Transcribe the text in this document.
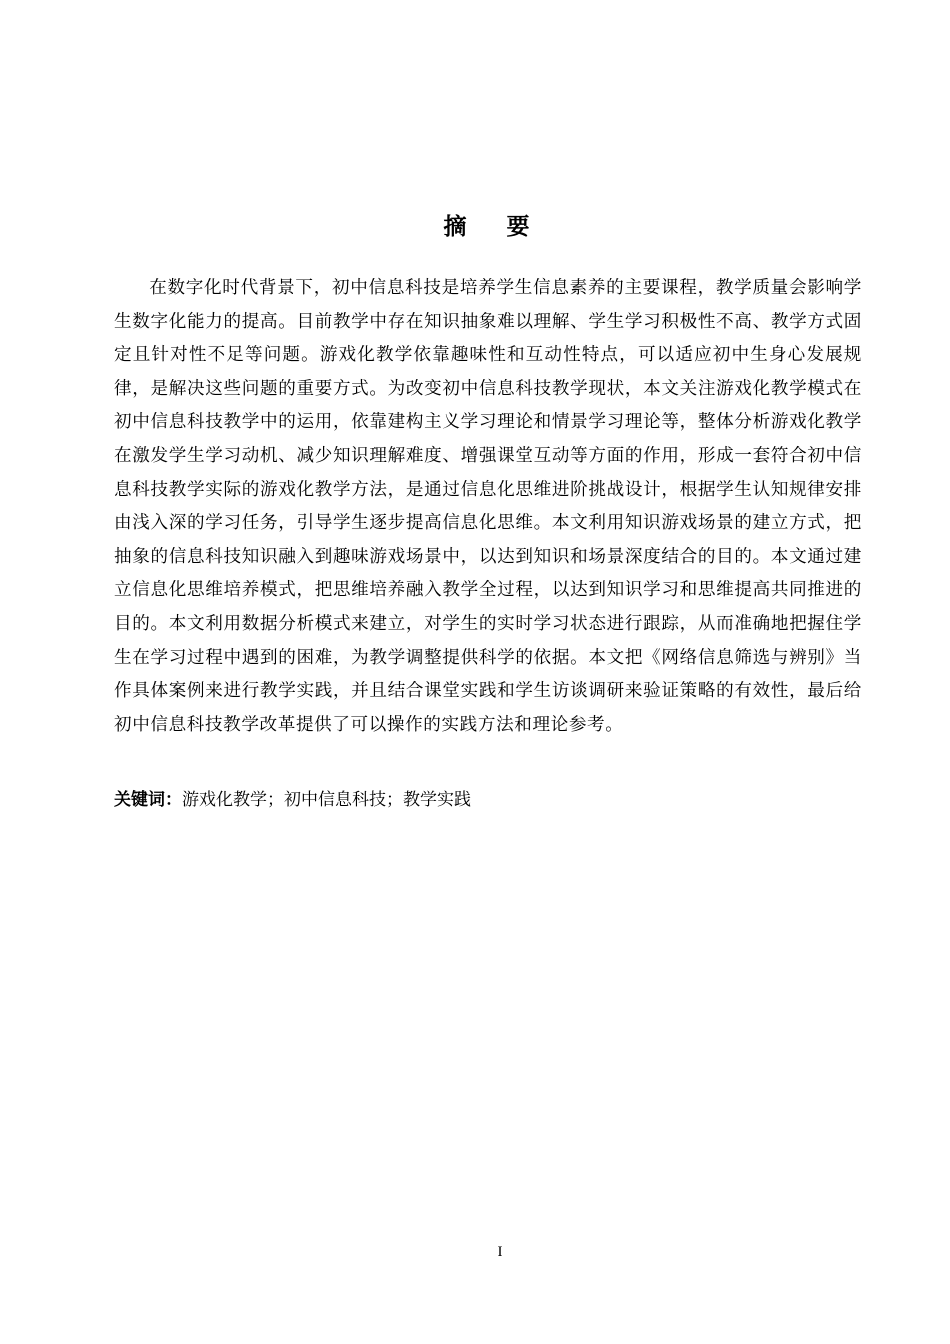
摘 要

在数字化时代背景下，初中信息科技是培养学生信息素养的主要课程，教学质量会影响学生数字化能力的提高。目前教学中存在知识抽象难以理解、学生学习积极性不高、教学方式固定且针对性不足等问题。游戏化教学依靠趣味性和互动性特点，可以适应初中生身心发展规律，是解决这些问题的重要方式。为改变初中信息科技教学现状，本文关注游戏化教学模式在初中信息科技教学中的运用，依靠建构主义学习理论和情景学习理论等，整体分析游戏化教学在激发学生学习动机、减少知识理解难度、增强课堂互动等方面的作用，形成一套符合初中信息科技教学实际的游戏化教学方法，是通过信息化思维进阶挑战设计，根据学生认知规律安排由浅入深的学习任务，引导学生逐步提高信息化思维。本文利用知识游戏场景的建立方式，把抽象的信息科技知识融入到趣味游戏场景中，以达到知识和场景深度结合的目的。本文通过建立信息化思维培养模式，把思维培养融入教学全过程，以达到知识学习和思维提高共同推进的目的。本文利用数据分析模式来建立，对学生的实时学习状态进行跟踪，从而准确地把握住学生在学习过程中遇到的困难，为教学调整提供科学的依据。本文把《网络信息筛选与辨别》当作具体案例来进行教学实践，并且结合课堂实践和学生访谈调研来验证策略的有效性，最后给初中信息科技教学改革提供了可以操作的实践方法和理论参考。

关键词：游戏化教学；初中信息科技；教学实践

I
